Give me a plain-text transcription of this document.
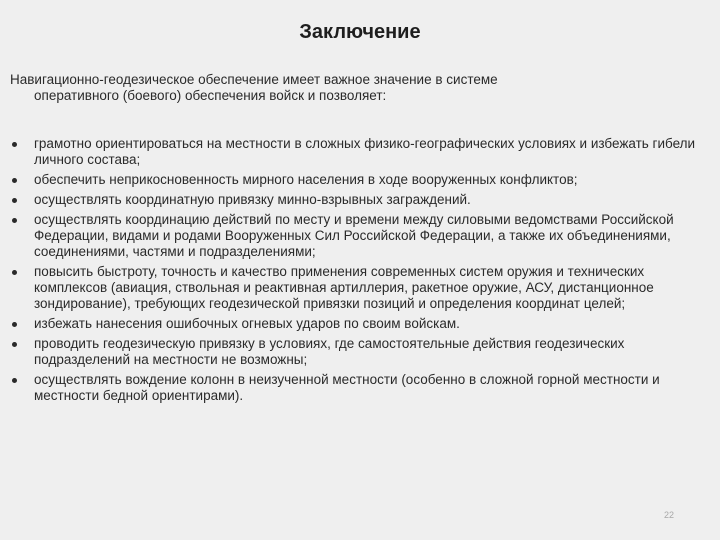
Заключение
Навигационно-геодезическое обеспечение имеет важное значение в системе
оперативного (боевого) обеспечения войск и позволяет:
грамотно ориентироваться на местности в сложных физико-географических условиях и избежать гибели личного состава;
обеспечить неприкосновенность мирного населения в ходе вооруженных конфликтов;
осуществлять координатную привязку минно-взрывных заграждений.
осуществлять координацию действий по месту и времени между силовыми ведомствами Российской Федерации, видами и родами Вооруженных Сил Российской Федерации, а также их объединениями, соединениями, частями и подразделениями;
повысить быстроту, точность и качество применения современных систем оружия и технических комплексов (авиация, ствольная и реактивная артиллерия, ракетное оружие, АСУ, дистанционное зондирование), требующих геодезической привязки позиций и определения координат целей;
избежать нанесения ошибочных огневых ударов по своим войскам.
проводить геодезическую привязку в условиях, где самостоятельные действия геодезических подразделений на местности не возможны;
осуществлять вождение колонн в неизученной местности (особенно в сложной горной местности и местности бедной ориентирами).
22
